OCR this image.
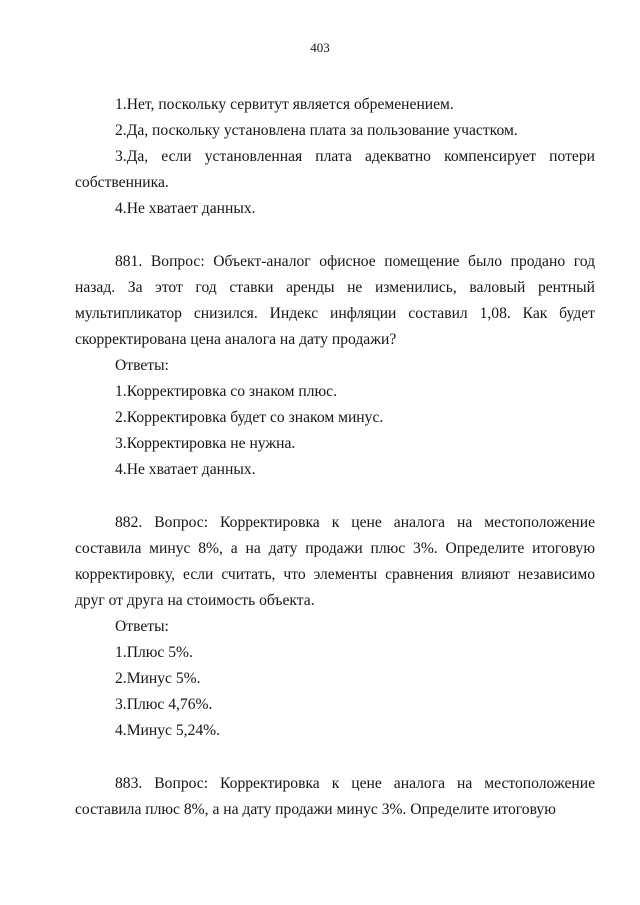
403

1.Нет, поскольку сервитут является обременением.

2.Да, поскольку установлена плата за пользование участком.

3.Да, если установленная плата адекватно компенсирует потери собственника.

4.Не хватает данных.

881. Вопрос: Объект-аналог офисное помещение было продано год назад. За этот год ставки аренды не изменились, валовый рентный мультипликатор снизился. Индекс инфляции составил 1,08. Как будет скорректирована цена аналога на дату продажи?

Ответы:

1.Корректировка со знаком плюс.

2.Корректировка будет со знаком минус.

3.Корректировка не нужна.

4.Не хватает данных.

882. Вопрос: Корректировка к цене аналога на местоположение составила минус 8%, а на дату продажи плюс 3%. Определите итоговую корректировку, если считать, что элементы сравнения влияют независимо друг от друга на стоимость объекта.

Ответы:

1.Плюс 5%.

2.Минус 5%.

3.Плюс 4,76%.

4.Минус 5,24%.

883. Вопрос: Корректировка к цене аналога на местоположение составила плюс 8%, а на дату продажи минус 3%. Определите итоговую
